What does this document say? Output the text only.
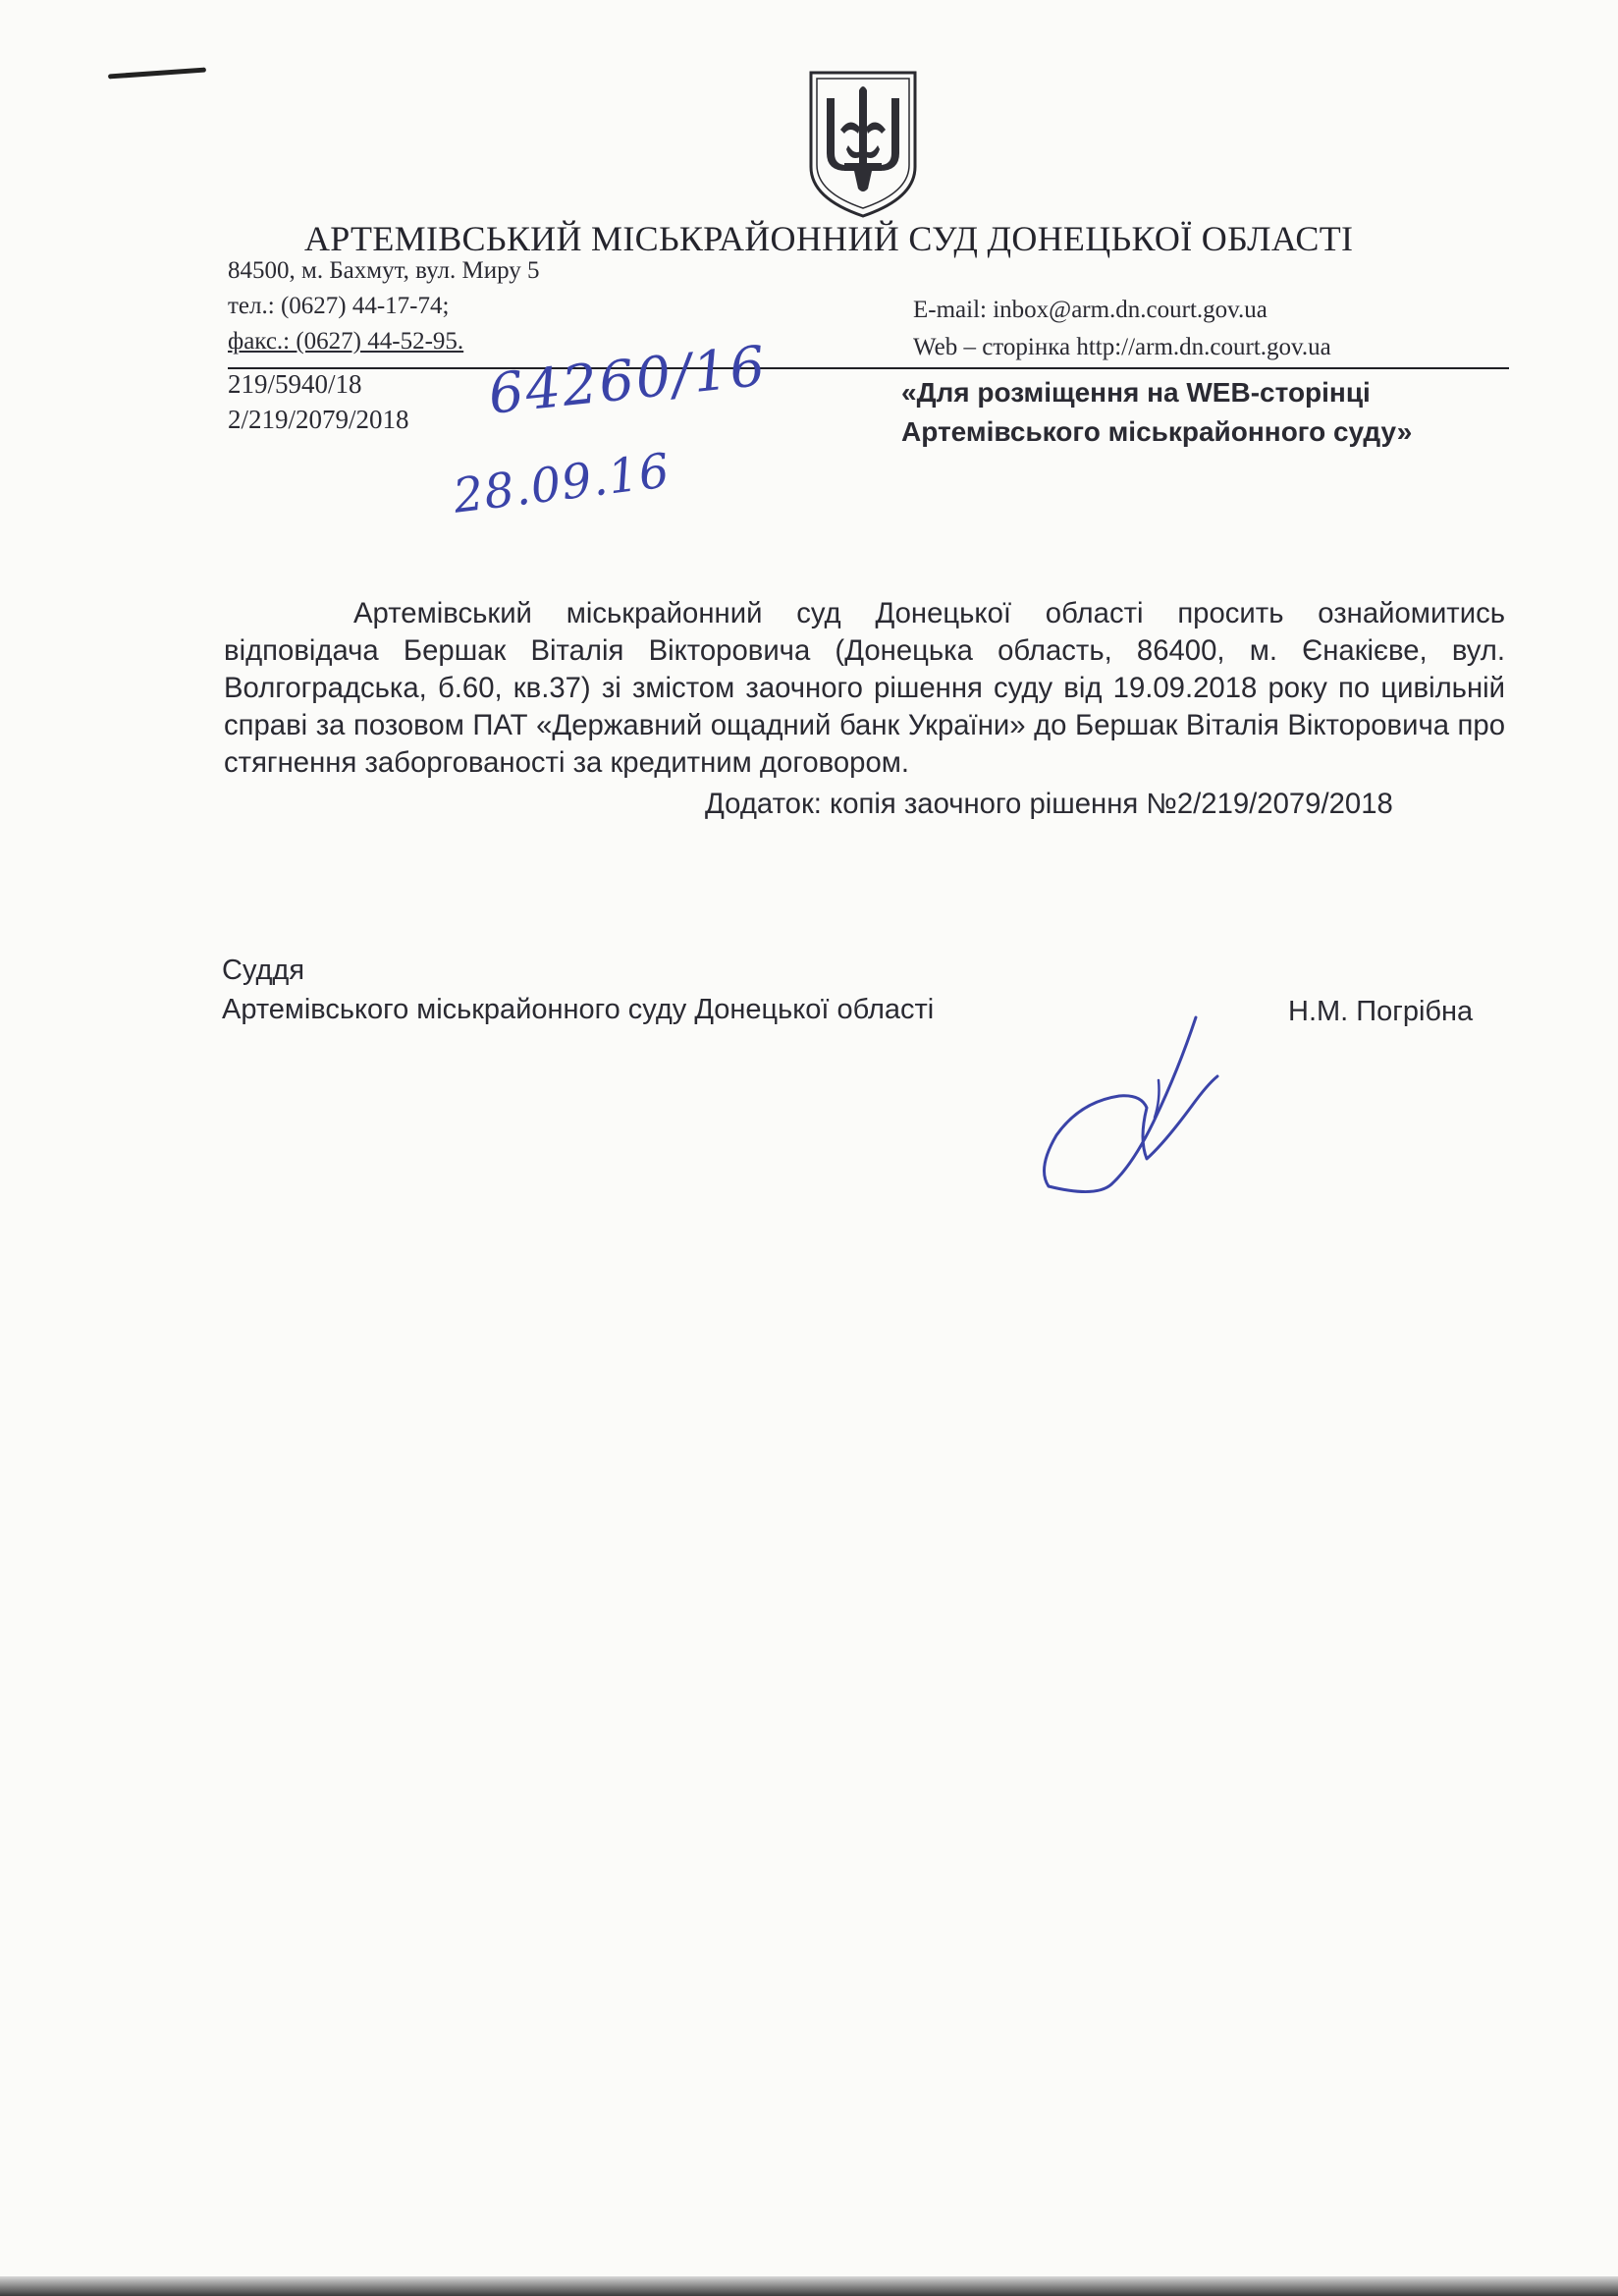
АРТЕМІВСЬКИЙ МІСЬКРАЙОННИЙ СУД ДОНЕЦЬКОЇ ОБЛАСТІ
84500, м. Бахмут, вул. Миру 5
тел.: (0627) 44-17-74;
факс.: (0627) 44-52-95.
E-mail: inbox@arm.dn.court.gov.ua
Web – сторінка http://arm.dn.court.gov.ua
219/5940/18
2/219/2079/2018
«Для розміщення на WEB-сторінці
Артемівського міськрайонного суду»
64260/16
28.09.16

Артемівський міськрайонний суд Донецької області просить ознайомитись відповідача Бершак Віталія Вікторовича (Донецька область, 86400, м. Єнакієве, вул. Волгоградська, б.60, кв.37) зі змістом заочного рішення суду від 19.09.2018 року по цивільній справі за позовом ПАТ «Державний ощадний банк України» до Бершак Віталія Вікторовича про стягнення заборгованості за кредитним договором.

Додаток: копія заочного рішення №2/219/2079/2018
Суддя
Артемівського міськрайонного суду Донецької області	Н.М. Погрібна
